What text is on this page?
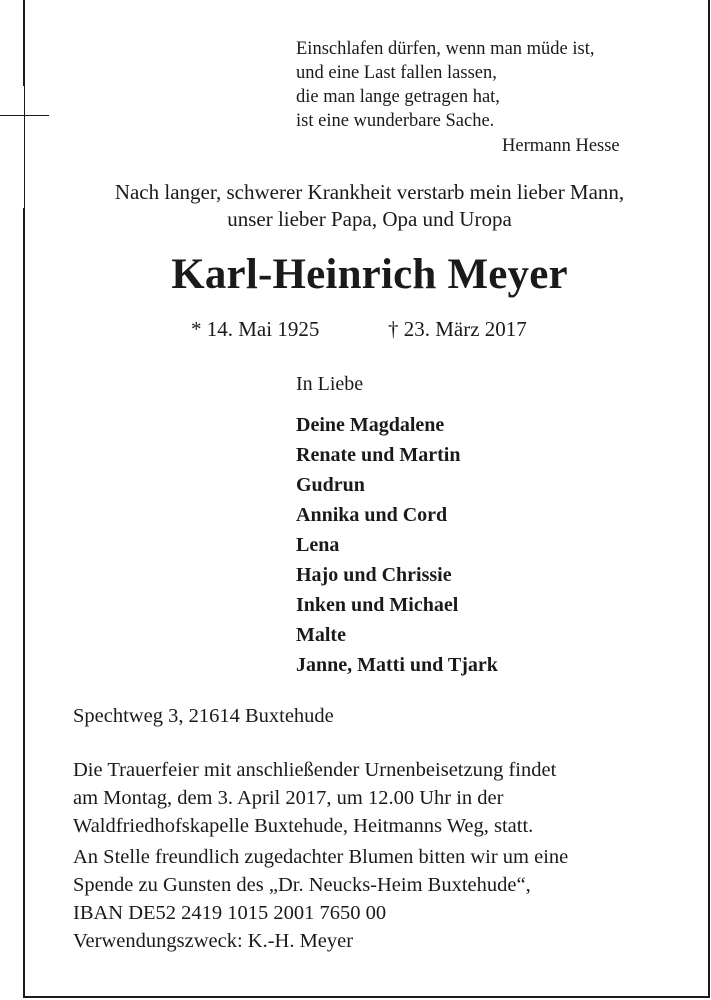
Einschlafen dürfen, wenn man müde ist,
und eine Last fallen lassen,
die man lange getragen hat,
ist eine wunderbare Sache.
Hermann Hesse
Nach langer, schwerer Krankheit verstarb mein lieber Mann,
unser lieber Papa, Opa und Uropa
Karl-Heinrich Meyer
* 14. Mai 1925	† 23. März 2017
In Liebe
Deine Magdalene
Renate und Martin
Gudrun
Annika und Cord
Lena
Hajo und Chrissie
Inken und Michael
Malte
Janne, Matti und Tjark
Spechtweg 3, 21614 Buxtehude
Die Trauerfeier mit anschließender Urnenbeisetzung findet
am Montag, dem 3. April 2017, um 12.00 Uhr in der
Waldfriedhofskapelle Buxtehude, Heitmanns Weg, statt.
An Stelle freundlich zugedachter Blumen bitten wir um eine
Spende zu Gunsten des „Dr. Neucks-Heim Buxtehude“,
IBAN DE52 2419 1015 2001 7650 00
Verwendungszweck: K.-H. Meyer
